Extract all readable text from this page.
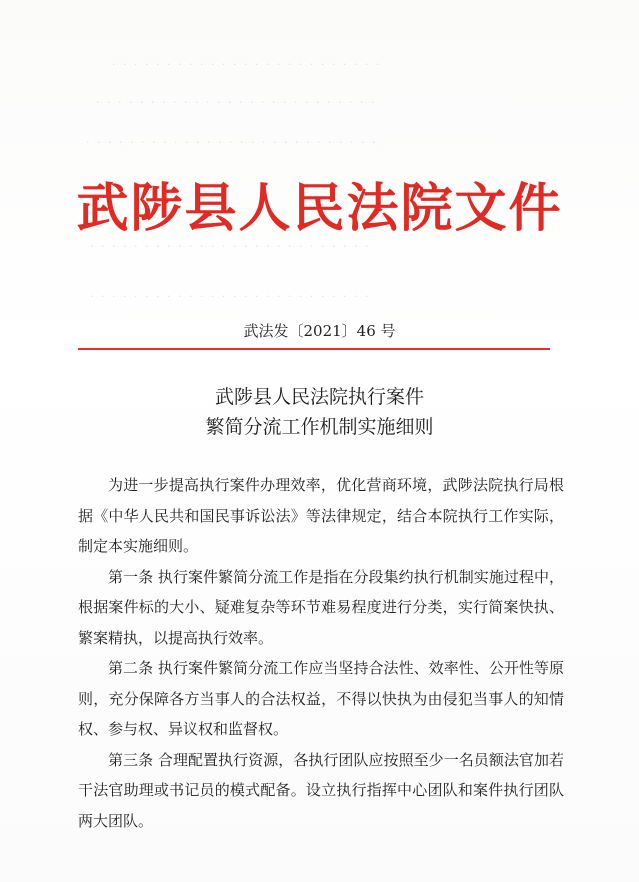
· · · · · · · · · · · · · · · · · · · · · · · · ·
· · · · · · · · · · · · · · · · · · · · · · · · · ·
· · · · · · · · · · · · · · · · · · · · · · · · · · ·
· · · · · · · · · · · · · · · · · · · · · · · · · ·
· · · · · · · · · · · · · · · · · · · · · · · · · ·
武陟县人民法院文件
武法发〔2021〕46 号
武陟县人民法院执行案件
繁简分流工作机制实施细则

为进一步提高执行案件办理效率，优化营商环境，武陟法院执行局根据《中华人民共和国民事诉讼法》等法律规定，结合本院执行工作实际，制定本实施细则。

第一条 执行案件繁简分流工作是指在分段集约执行机制实施过程中，根据案件标的大小、疑难复杂等环节难易程度进行分类，实行简案快执、繁案精执，以提高执行效率。

第二条 执行案件繁简分流工作应当坚持合法性、效率性、公开性等原则，充分保障各方当事人的合法权益，不得以快执为由侵犯当事人的知情权、参与权、异议权和监督权。

第三条 合理配置执行资源，各执行团队应按照至少一名员额法官加若干法官助理或书记员的模式配备。设立执行指挥中心团队和案件执行团队两大团队。
